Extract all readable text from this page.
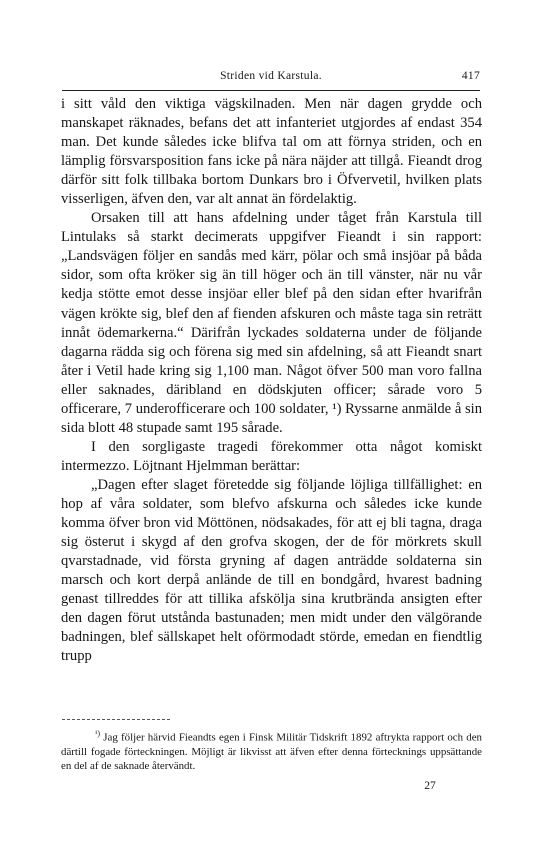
Striden vid Karstula.	417

i sitt våld den viktiga vägskilnaden. Men när dagen grydde och manskapet räknades, befans det att infanteriet utgjordes af endast 354 man. Det kunde således icke blifva tal om att förnya striden, och en lämplig försvarsposition fans icke på nära näjder att tillgå. Fieandt drog därför sitt folk tillbaka bortom Dunkars bro i Öfvervetil, hvilken plats visserligen, äfven den, var alt annat än fördelaktig.

Orsaken till att hans afdelning under tåget från Karstula till Lintulaks så starkt decimerats uppgifver Fieandt i sin rapport: „Landsvägen följer en sandås med kärr, pölar och små insjöar på båda sidor, som ofta kröker sig än till höger och än till vänster, när nu vår kedja stötte emot desse insjöar eller blef på den sidan efter hvarifrån vägen krökte sig, blef den af fienden afskuren och måste taga sin reträtt innåt ödemarkerna.“ Därifrån lyckades soldaterna under de följande dagarna rädda sig och förena sig med sin afdelning, så att Fieandt snart åter i Vetil hade kring sig 1,100 man. Något öfver 500 man voro fallna eller saknades, däribland en dödskjuten officer; sårade voro 5 officerare, 7 underofficerare och 100 soldater, ¹) Ryssarne anmälde å sin sida blott 48 stupade samt 195 sårade.

I den sorgligaste tragedi förekommer otta något komiskt intermezzo. Löjtnant Hjelmman berättar:

„Dagen efter slaget företedde sig följande löjliga tillfällighet: en hop af våra soldater, som blefvo afskurna och således icke kunde komma öfver bron vid Möttönen, nödsakades, för att ej bli tagna, draga sig österut i skygd af den grofva skogen, der de för mörkrets skull qvarstadnade, vid första gryning af dagen anträdde soldaterna sin marsch och kort derpå anlände de till en bondgård, hvarest badning genast tillreddes för att tillika afskölja sina krutbrända ansigten efter den dagen förut utstånda bastunaden; men midt under den välgörande badningen, blef sällskapet helt oförmodadt störde, emedan en fiendtlig trupp

$^{^1)}$ Jag följer härvid Fieandts egen i Finsk Militär Tidskrift 1892 aftrykta rapport och den därtill fogade förteckningen. Möjligt är likvisst att äfven efter denna förtecknings uppsättande en del af de saknade återvändt.
27
